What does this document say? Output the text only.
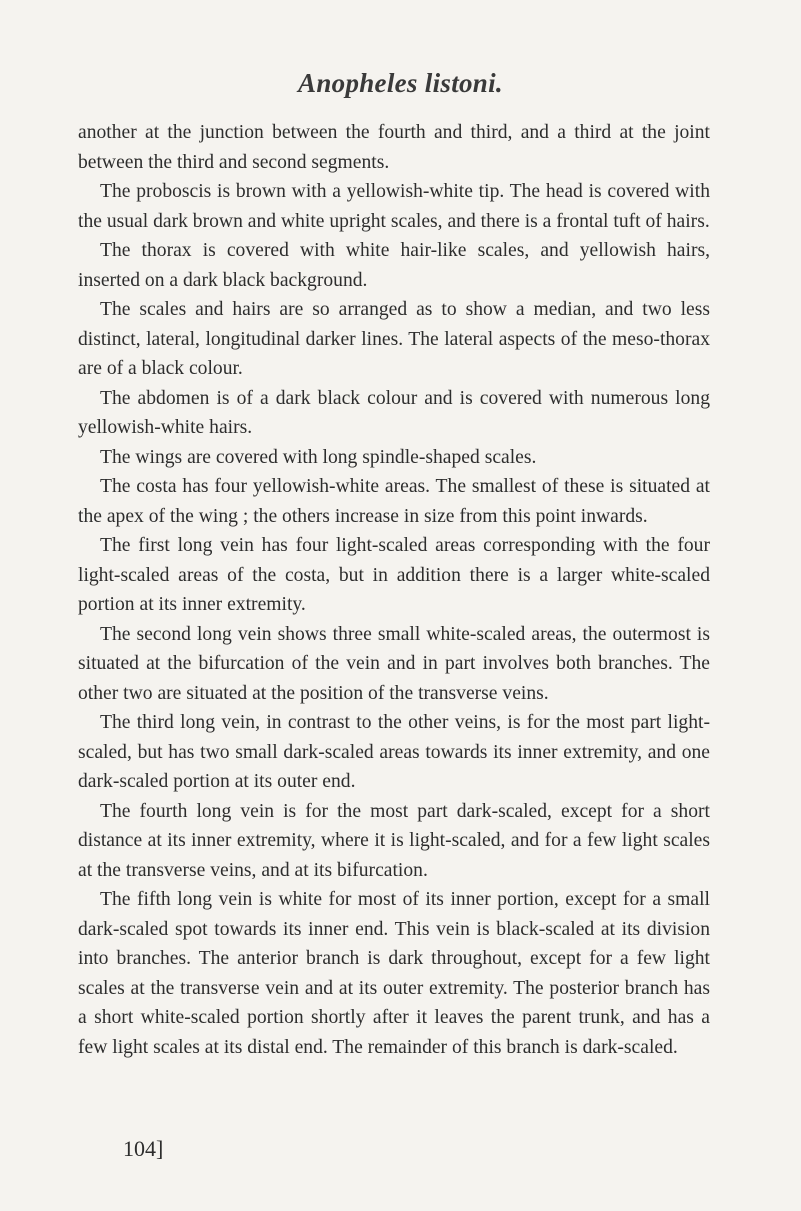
Anopheles listoni.

another at the junction between the fourth and third, and a third at the joint between the third and second segments.

The proboscis is brown with a yellowish-white tip. The head is covered with the usual dark brown and white upright scales, and there is a frontal tuft of hairs.

The thorax is covered with white hair-like scales, and yellowish hairs, inserted on a dark black background.

The scales and hairs are so arranged as to show a median, and two less distinct, lateral, longitudinal darker lines. The lateral aspects of the meso-thorax are of a black colour.

The abdomen is of a dark black colour and is covered with numerous long yellowish-white hairs.

The wings are covered with long spindle-shaped scales.

The costa has four yellowish-white areas. The smallest of these is situated at the apex of the wing ; the others increase in size from this point inwards.

The first long vein has four light-scaled areas corresponding with the four light-scaled areas of the costa, but in addition there is a larger white-scaled portion at its inner extremity.

The second long vein shows three small white-scaled areas, the outermost is situated at the bifurcation of the vein and in part involves both branches. The other two are situated at the position of the transverse veins.

The third long vein, in contrast to the other veins, is for the most part light-scaled, but has two small dark-scaled areas towards its inner extremity, and one dark-scaled portion at its outer end.

The fourth long vein is for the most part dark-scaled, except for a short distance at its inner extremity, where it is light-scaled, and for a few light scales at the transverse veins, and at its bifurcation.

The fifth long vein is white for most of its inner portion, except for a small dark-scaled spot towards its inner end. This vein is black-scaled at its division into branches. The anterior branch is dark throughout, except for a few light scales at the transverse vein and at its outer extremity. The posterior branch has a short white-scaled portion shortly after it leaves the parent trunk, and has a few light scales at its distal end. The remainder of this branch is dark-scaled.

104]
